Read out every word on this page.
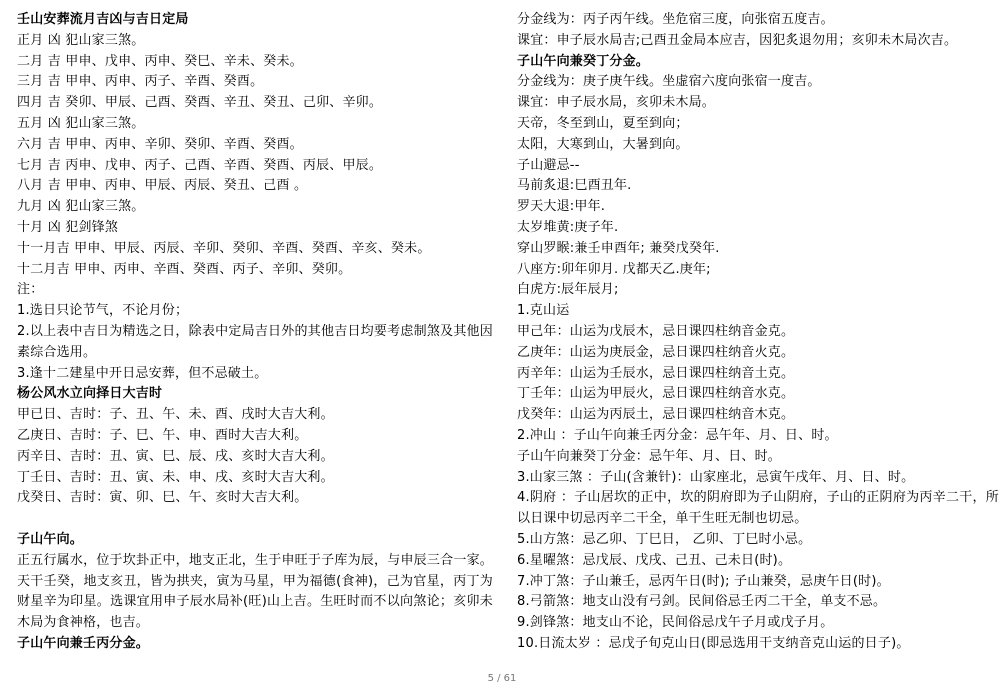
壬山安葬流月吉凶与吉日定局
正月 凶 犯山家三煞。
二月 吉 甲申、戊申、丙申、癸巳、辛未、癸未。
三月 吉 甲申、丙申、丙子、辛酉、癸酉。
四月 吉 癸卯、甲辰、己酉、癸酉、辛丑、癸丑、己卯、辛卯。
五月 凶 犯山家三煞。
六月 吉 甲申、丙申、辛卯、癸卯、辛酉、癸酉。
七月 吉 丙申、戊申、丙子、己酉、辛酉、癸酉、丙辰、甲辰。
八月 吉 甲申、丙申、甲辰、丙辰、癸丑、己酉 。
九月 凶 犯山家三煞。
十月 凶 犯剑锋煞
十一月吉 甲申、甲辰、丙辰、辛卯、癸卯、辛酉、癸酉、辛亥、癸未。
十二月吉 甲申、丙申、辛酉、癸酉、丙子、辛卯、癸卯。
注：
1.选日只论节气，不论月份；
2.以上表中吉日为精选之日，除表中定局吉日外的其他吉日均要考虑制煞及其他因素综合选用。
3.逢十二建星中开日忌安葬，但不忌破土。
杨公风水立向择日大吉时
甲已日、吉时：子、丑、午、未、酉、戌时大吉大利。
乙庚日、吉时：子、巳、午、申、酉时大吉大利。
丙辛日、吉时：丑、寅、巳、辰、戌、亥时大吉大利。
丁壬日、吉时：丑、寅、未、申、戌、亥时大吉大利。
戊癸日、吉时：寅、卯、巳、午、亥时大吉大利。
子山午向。
正五行属水，位于坎卦正中，地支正北，生于申旺于子库为辰，与申辰三合一家。天干壬癸，地支亥丑，皆为拱夹，寅为马星，甲为福德(食神)，己为官星，丙丁为财星辛为印星。选课宜用申子辰水局补(旺)山上吉。生旺时而不以向煞论；亥卯未木局为食神格，也吉。
子山午向兼壬丙分金。
分金线为：丙子丙午线。坐危宿三度，向张宿五度吉。
课宜：申子辰水局吉;己酉丑金局本应吉，因犯炙退勿用；亥卯未木局次吉。
子山午向兼癸丁分金。
分金线为：庚子庚午线。坐虚宿六度向张宿一度吉。
课宜：申子辰水局，亥卯未木局。
天帝，冬至到山，夏至到向；
太阳，大寒到山，大暑到向。
子山避忌--
马前炙退:巳酉丑年.
罗天大退:甲年.
太岁堆黄:庚子年.
穿山罗睺:兼壬申酉年; 兼癸戊癸年.
八座方:卯年卯月. 戊都天乙.庚年;
白虎方:辰年辰月;
1.克山运
甲己年：山运为戊辰木，忌日课四柱纳音金克。
乙庚年：山运为庚辰金，忌日课四柱纳音火克。
丙辛年：山运为壬辰水，忌日课四柱纳音土克。
丁壬年：山运为甲辰火，忌日课四柱纳音水克。
戊癸年：山运为丙辰土，忌日课四柱纳音木克。
2.冲山 ：子山午向兼壬丙分金：忌午年、月、日、时。
子山午向兼癸丁分金：忌午年、月、日、时。
3.山家三煞 ：子山(含兼针)：山家座北，忌寅午戌年、月、日、时。
4.阴府 ：子山居坎的正中，坎的阴府即为子山阴府，子山的正阴府为丙辛二干，所以日课中切忌丙辛二干全，单干生旺无制也切忌。
5.山方煞：忌乙卯、丁巳日， 乙卯、丁巳时小忌。
6.星曜煞：忌戊辰、戊戌、己丑、己未日(时)。
7.冲丁煞：子山兼壬，忌丙午日(时); 子山兼癸，忌庚午日(时)。
8.弓箭煞：地支山没有弓剑。民间俗忌壬丙二干全，单支不忌。
9.剑锋煞：地支山不论，民间俗忌戊午子月或戊子月。
10.日流太岁 ：忌戊子旬克山日(即忌选用干支纳音克山运的日子)。
5 / 61
